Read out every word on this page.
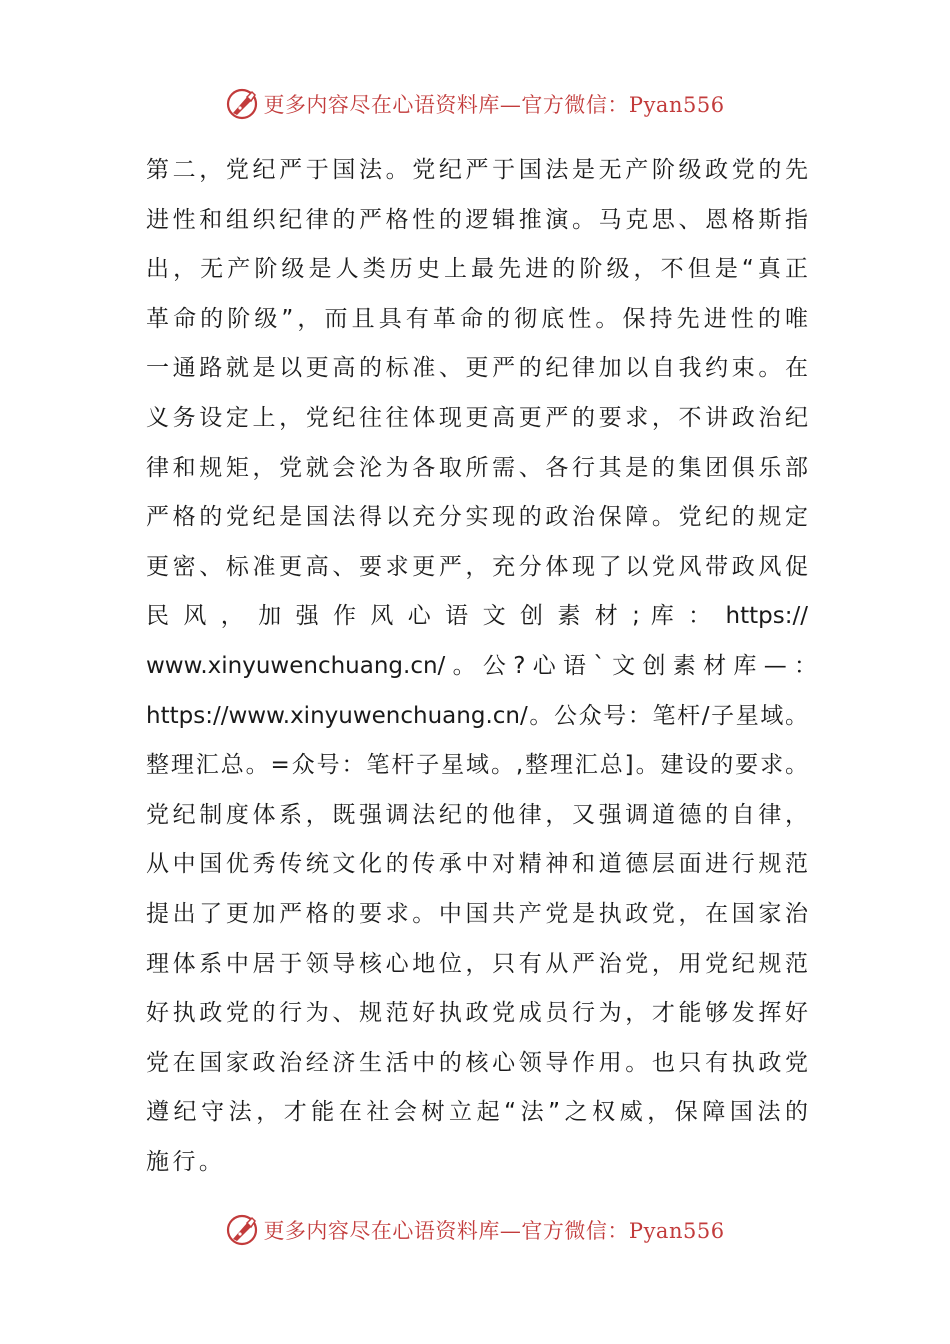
更多内容尽在心语资料库—官方微信：Pyan556
第二，党纪严于国法。党纪严于国法是无产阶级政党的先
进性和组织纪律的严格性的逻辑推演。马克思、恩格斯指
出，无产阶级是人类历史上最先进的阶级，不但是“真正
革命的阶级”，而且具有革命的彻底性。保持先进性的唯
一通路就是以更高的标准、更严的纪律加以自我约束。在
义务设定上，党纪往往体现更高更严的要求，不讲政治纪
律和规矩，党就会沦为各取所需、各行其是的集团俱乐部
严格的党纪是国法得以充分实现的政治保障。党纪的规定
更密、标准更高、要求更严，充分体现了以党风带政风促
民 风 ， 加 强 作 风 心 语 文 创 素 材 ; 库 ： https://
www.xinyuwenchuang.cn/ 。 公 ? 心 语 ` 文 创 素 材 库 — ：
https://www.xinyuwenchuang.cn/。公众号：笔杆/子星域。
整理汇总。=众号：笔杆子星域。,整理汇总]。建设的要求。
党纪制度体系，既强调法纪的他律，又强调道德的自律，
从中国优秀传统文化的传承中对精神和道德层面进行规范
提出了更加严格的要求。中国共产党是执政党，在国家治
理体系中居于领导核心地位，只有从严治党，用党纪规范
好执政党的行为、规范好执政党成员行为，才能够发挥好
党在国家政治经济生活中的核心领导作用。也只有执政党
遵纪守法，才能在社会树立起“法”之权威，保障国法的
施行。
更多内容尽在心语资料库—官方微信：Pyan556
